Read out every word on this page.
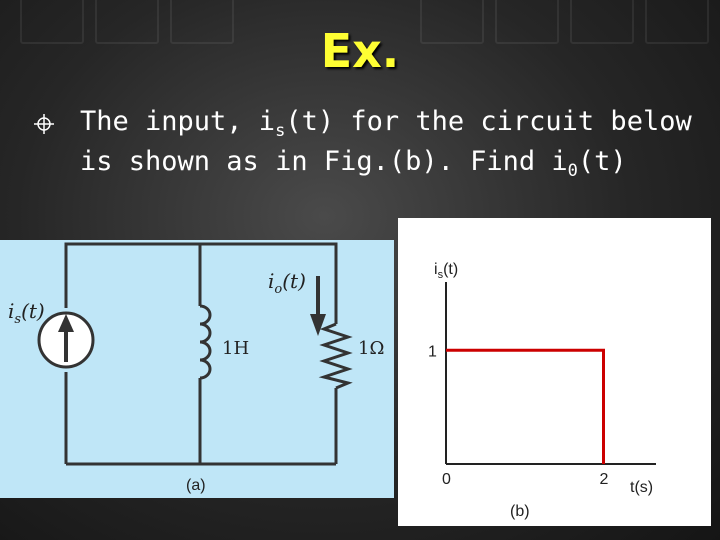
Ex.
The input, $i_s(t)$ for the circuit below is shown as in Fig.(b). Find $i_0(t)$
$i_s(t)$
1H	1Ω
$i_o(t)$
(a)
$i_s(t)$
t(s)
(b)
1
0	2
